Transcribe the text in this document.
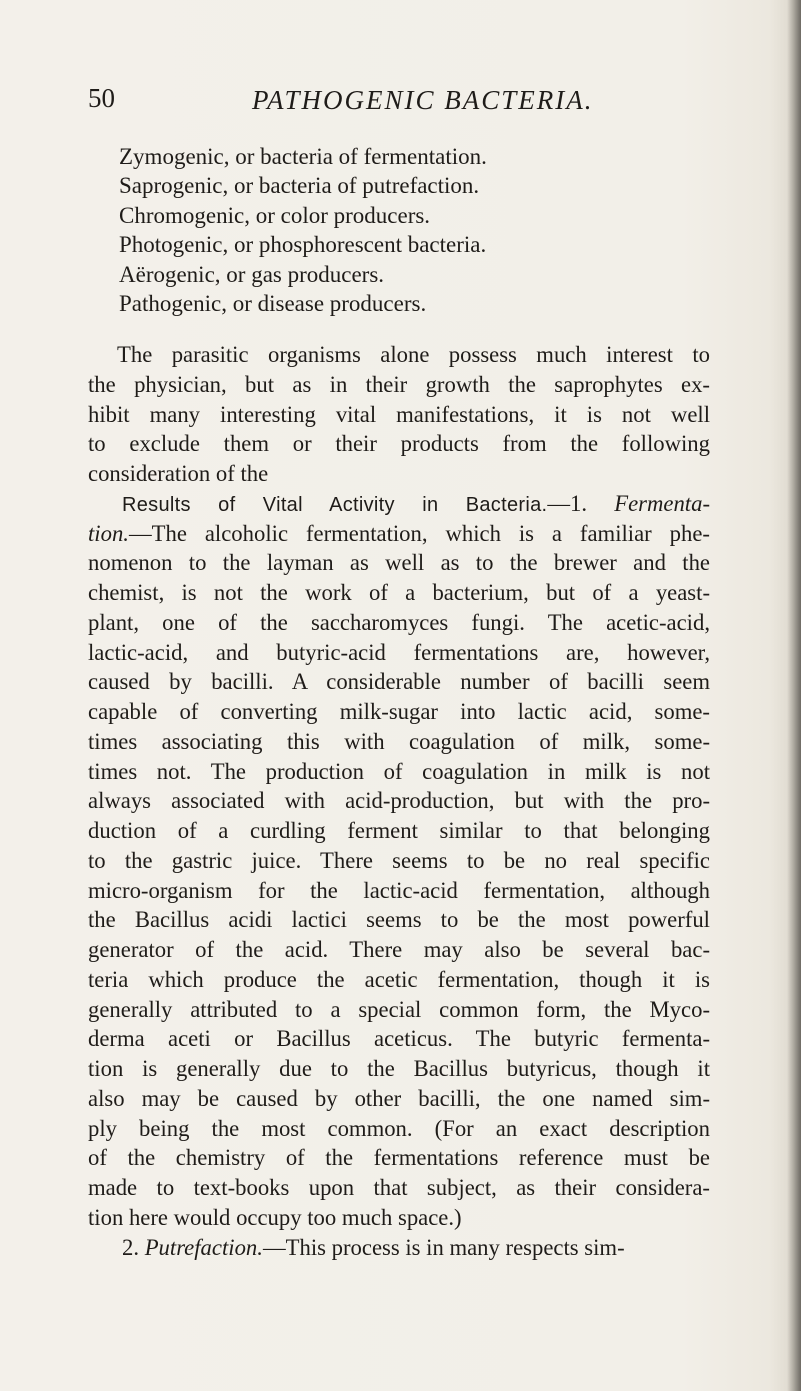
50	PATHOGENIC BACTERIA.
Zymogenic, or bacteria of fermentation.
Saprogenic, or bacteria of putrefaction.
Chromogenic, or color producers.
Photogenic, or phosphorescent bacteria.
Aërogenic, or gas producers.
Pathogenic, or disease producers.
The parasitic organisms alone possess much interest to
the physician, but as in their growth the saprophytes ex-
hibit many interesting vital manifestations, it is not well
to exclude them or their products from the following
consideration of the
Results of Vital Activity in Bacteria.—1. Fermenta-
tion.—The alcoholic fermentation, which is a familiar phe-
nomenon to the layman as well as to the brewer and the
chemist, is not the work of a bacterium, but of a yeast-
plant, one of the saccharomyces fungi. The acetic-acid,
lactic-acid, and butyric-acid fermentations are, however,
caused by bacilli. A considerable number of bacilli seem
capable of converting milk-sugar into lactic acid, some-
times associating this with coagulation of milk, some-
times not. The production of coagulation in milk is not
always associated with acid-production, but with the pro-
duction of a curdling ferment similar to that belonging
to the gastric juice. There seems to be no real specific
micro-organism for the lactic-acid fermentation, although
the Bacillus acidi lactici seems to be the most powerful
generator of the acid. There may also be several bac-
teria which produce the acetic fermentation, though it is
generally attributed to a special common form, the Myco-
derma aceti or Bacillus aceticus. The butyric fermenta-
tion is generally due to the Bacillus butyricus, though it
also may be caused by other bacilli, the one named sim-
ply being the most common. (For an exact description
of the chemistry of the fermentations reference must be
made to text-books upon that subject, as their considera-
tion here would occupy too much space.)
2. Putrefaction.—This process is in many respects sim-
